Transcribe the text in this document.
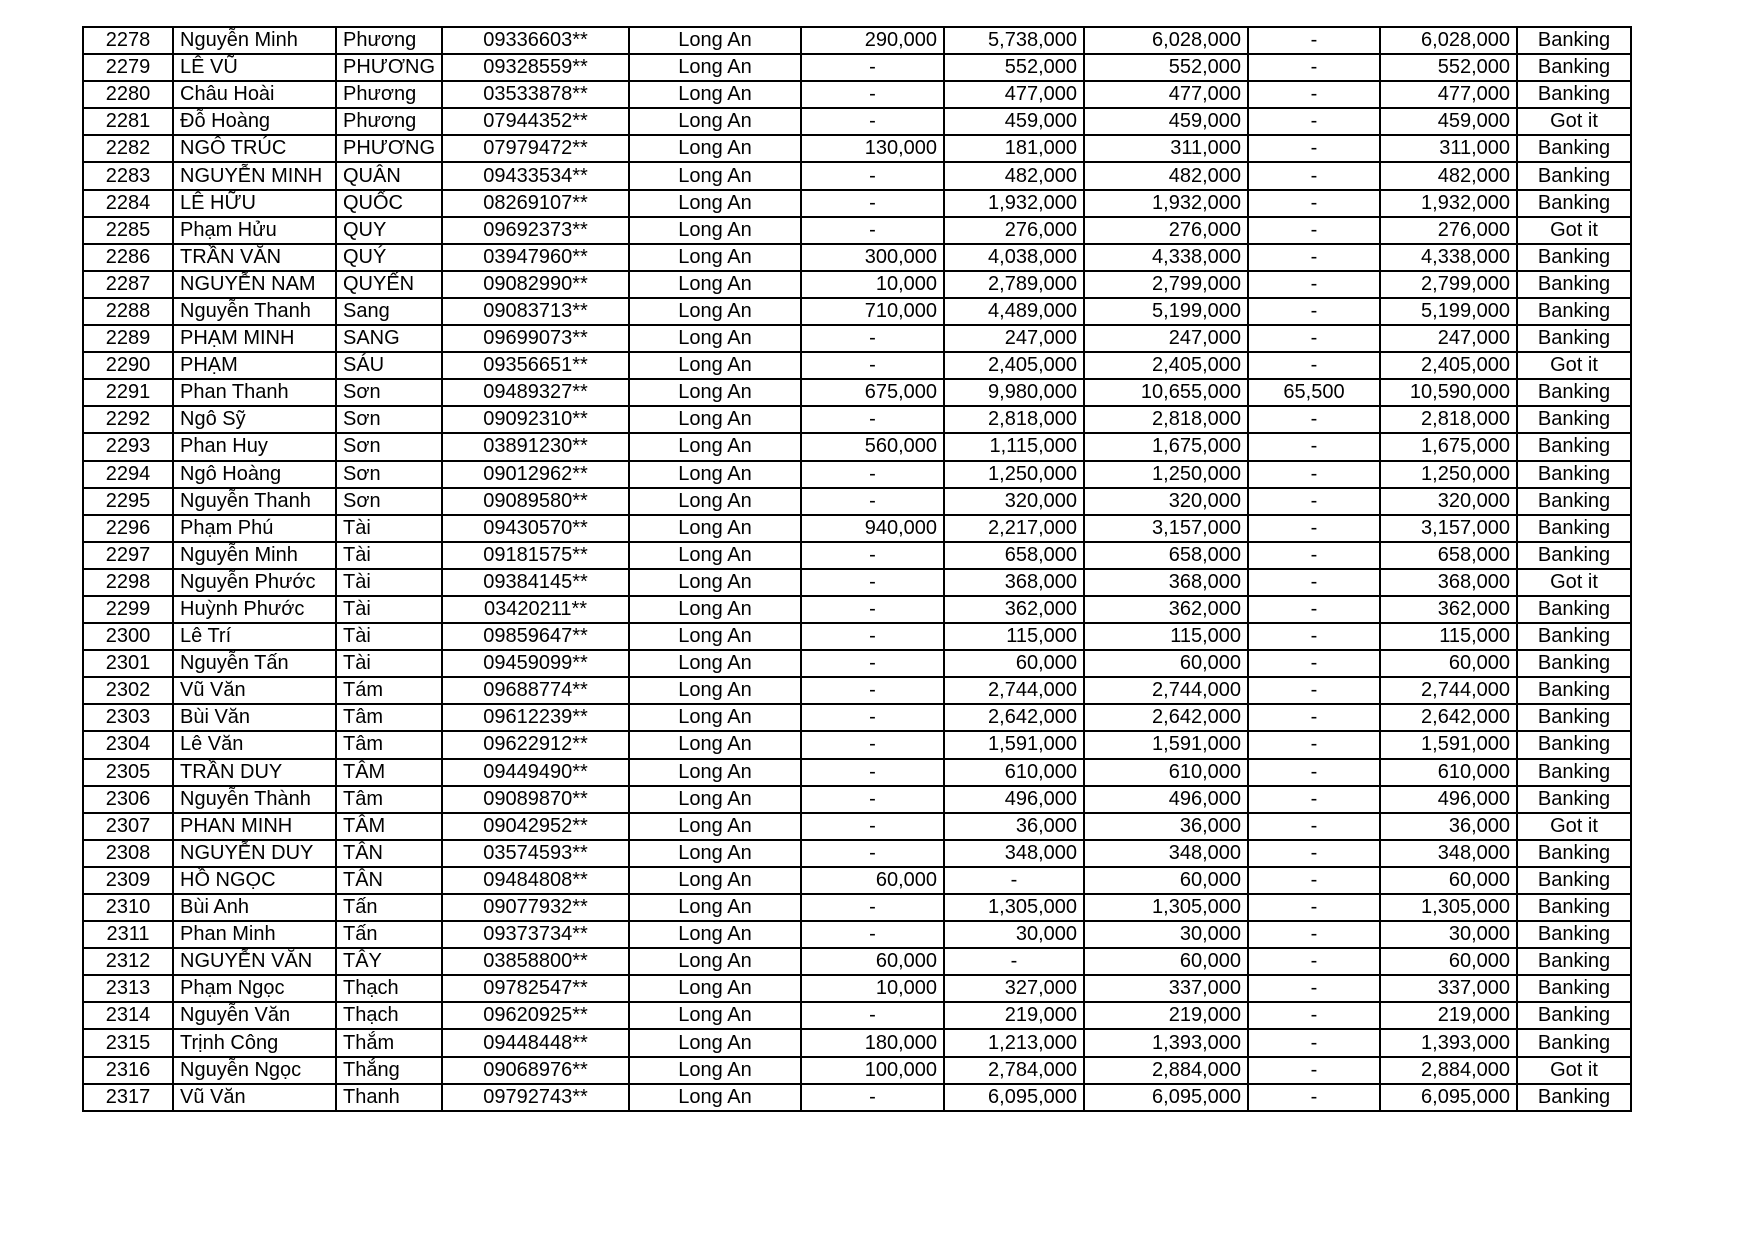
2278	Nguyễn Minh	Phương	09336603**	Long An	290,000	5,738,000	6,028,000	-	6,028,000	Banking
2279	LÊ VŨ	PHƯƠNG	09328559**	Long An	-	552,000	552,000	-	552,000	Banking
2280	Châu Hoài	Phương	03533878**	Long An	-	477,000	477,000	-	477,000	Banking
2281	Đỗ Hoàng	Phương	07944352**	Long An	-	459,000	459,000	-	459,000	Got it
2282	NGÔ TRÚC	PHƯƠNG	07979472**	Long An	130,000	181,000	311,000	-	311,000	Banking
2283	NGUYỄN MINH	QUÂN	09433534**	Long An	-	482,000	482,000	-	482,000	Banking
2284	LÊ HỮU	QUỐC	08269107**	Long An	-	1,932,000	1,932,000	-	1,932,000	Banking
2285	Phạm Hửu	QUY	09692373**	Long An	-	276,000	276,000	-	276,000	Got it
2286	TRẦN VĂN	QUÝ	03947960**	Long An	300,000	4,038,000	4,338,000	-	4,338,000	Banking
2287	NGUYỄN NAM	QUYẾN	09082990**	Long An	10,000	2,789,000	2,799,000	-	2,799,000	Banking
2288	Nguyễn Thanh	Sang	09083713**	Long An	710,000	4,489,000	5,199,000	-	5,199,000	Banking
2289	PHẠM MINH	SANG	09699073**	Long An	-	247,000	247,000	-	247,000	Banking
2290	PHẠM	SÁU	09356651**	Long An	-	2,405,000	2,405,000	-	2,405,000	Got it
2291	Phan Thanh	Sơn	09489327**	Long An	675,000	9,980,000	10,655,000	65,500	10,590,000	Banking
2292	Ngô Sỹ	Sơn	09092310**	Long An	-	2,818,000	2,818,000	-	2,818,000	Banking
2293	Phan Huy	Sơn	03891230**	Long An	560,000	1,115,000	1,675,000	-	1,675,000	Banking
2294	Ngô Hoàng	Sơn	09012962**	Long An	-	1,250,000	1,250,000	-	1,250,000	Banking
2295	Nguyễn Thanh	Sơn	09089580**	Long An	-	320,000	320,000	-	320,000	Banking
2296	Phạm Phú	Tài	09430570**	Long An	940,000	2,217,000	3,157,000	-	3,157,000	Banking
2297	Nguyễn Minh	Tài	09181575**	Long An	-	658,000	658,000	-	658,000	Banking
2298	Nguyễn Phước	Tài	09384145**	Long An	-	368,000	368,000	-	368,000	Got it
2299	Huỳnh Phước	Tài	03420211**	Long An	-	362,000	362,000	-	362,000	Banking
2300	Lê Trí	Tài	09859647**	Long An	-	115,000	115,000	-	115,000	Banking
2301	Nguyễn Tấn	Tài	09459099**	Long An	-	60,000	60,000	-	60,000	Banking
2302	Vũ Văn	Tám	09688774**	Long An	-	2,744,000	2,744,000	-	2,744,000	Banking
2303	Bùi Văn	Tâm	09612239**	Long An	-	2,642,000	2,642,000	-	2,642,000	Banking
2304	Lê Văn	Tâm	09622912**	Long An	-	1,591,000	1,591,000	-	1,591,000	Banking
2305	TRẦN DUY	TÂM	09449490**	Long An	-	610,000	610,000	-	610,000	Banking
2306	Nguyễn Thành	Tâm	09089870**	Long An	-	496,000	496,000	-	496,000	Banking
2307	PHAN MINH	TÂM	09042952**	Long An	-	36,000	36,000	-	36,000	Got it
2308	NGUYỄN DUY	TÂN	03574593**	Long An	-	348,000	348,000	-	348,000	Banking
2309	HỒ NGỌC	TÂN	09484808**	Long An	60,000	-	60,000	-	60,000	Banking
2310	Bùi Anh	Tấn	09077932**	Long An	-	1,305,000	1,305,000	-	1,305,000	Banking
2311	Phan Minh	Tấn	09373734**	Long An	-	30,000	30,000	-	30,000	Banking
2312	NGUYỄN VĂN	TÂY	03858800**	Long An	60,000	-	60,000	-	60,000	Banking
2313	Phạm Ngọc	Thạch	09782547**	Long An	10,000	327,000	337,000	-	337,000	Banking
2314	Nguyễn Văn	Thạch	09620925**	Long An	-	219,000	219,000	-	219,000	Banking
2315	Trịnh Công	Thắm	09448448**	Long An	180,000	1,213,000	1,393,000	-	1,393,000	Banking
2316	Nguyễn Ngọc	Thắng	09068976**	Long An	100,000	2,784,000	2,884,000	-	2,884,000	Got it
2317	Vũ Văn	Thanh	09792743**	Long An	-	6,095,000	6,095,000	-	6,095,000	Banking
